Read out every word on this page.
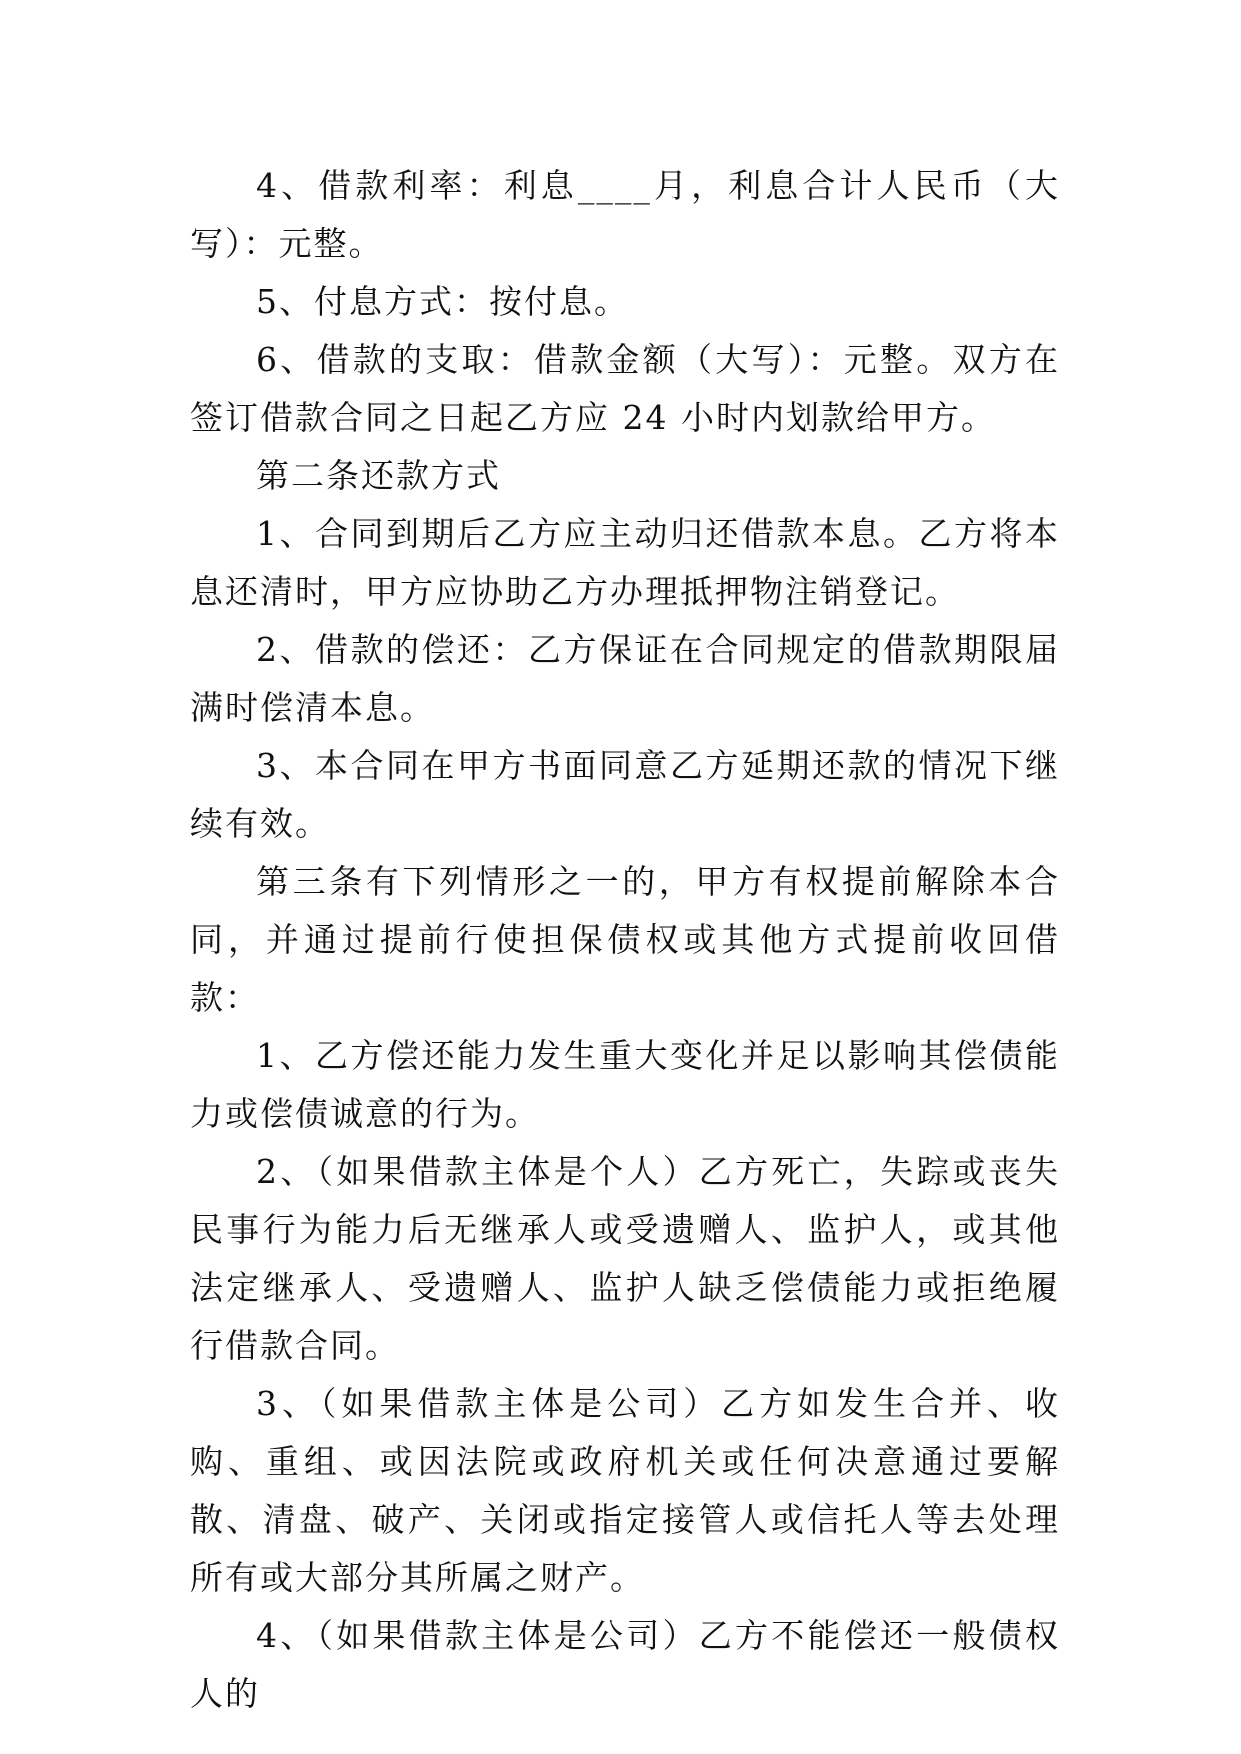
4、借款利率：利息____月，利息合计人民币（大写）：元整。

5、付息方式：按付息。

6、借款的支取：借款金额（大写）：元整。双方在签订借款合同之日起乙方应 24 小时内划款给甲方。

第二条还款方式

1、合同到期后乙方应主动归还借款本息。乙方将本息还清时，甲方应协助乙方办理抵押物注销登记。

2、借款的偿还：乙方保证在合同规定的借款期限届满时偿清本息。

3、本合同在甲方书面同意乙方延期还款的情况下继续有效。

第三条有下列情形之一的，甲方有权提前解除本合同，并通过提前行使担保债权或其他方式提前收回借款：

1、乙方偿还能力发生重大变化并足以影响其偿债能力或偿债诚意的行为。

2、（如果借款主体是个人）乙方死亡，失踪或丧失民事行为能力后无继承人或受遗赠人、监护人，或其他法定继承人、受遗赠人、监护人缺乏偿债能力或拒绝履行借款合同。

3、（如果借款主体是公司）乙方如发生合并、收购、重组、或因法院或政府机关或任何决意通过要解散、清盘、破产、关闭或指定接管人或信托人等去处理所有或大部分其所属之财产。

4、（如果借款主体是公司）乙方不能偿还一般债权人的
